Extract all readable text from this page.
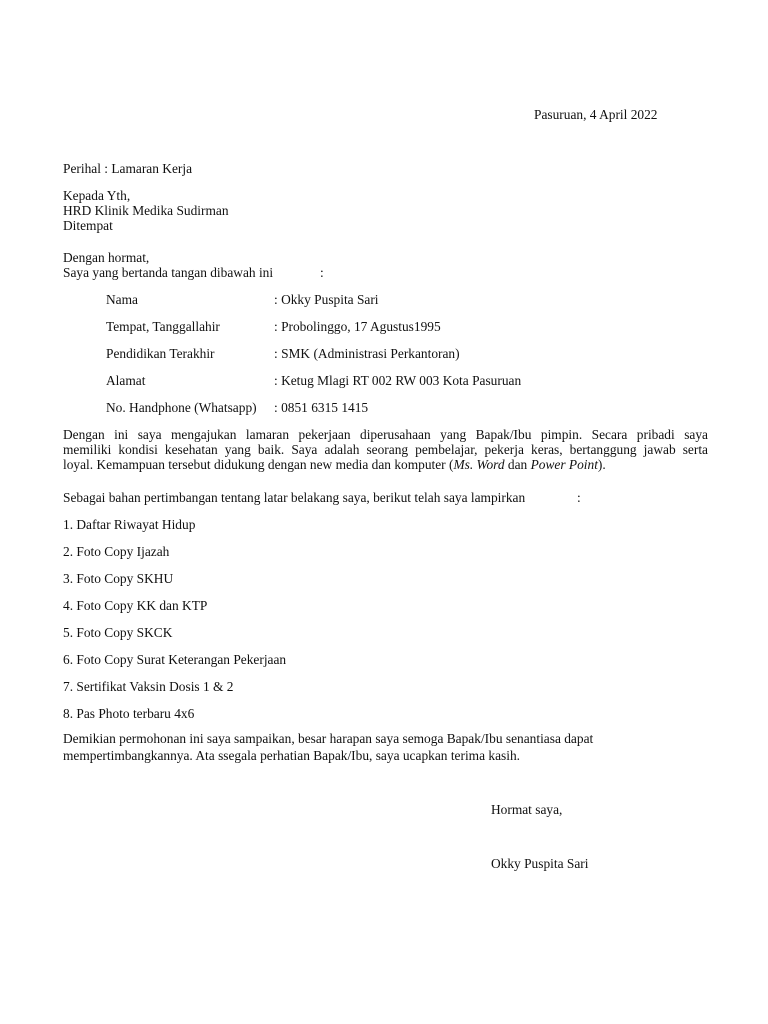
Pasuruan, 4 April 2022
Perihal : Lamaran Kerja
Kepada Yth,
HRD Klinik Medika Sudirman
Ditempat
Dengan hormat,
Saya yang bertanda tangan dibawah ini	:
Nama	: Okky Puspita Sari
Tempat, Tanggallahir	: Probolinggo, 17 Agustus1995
Pendidikan Terakhir	: SMK (Administrasi Perkantoran)
Alamat	: Ketug Mlagi RT 002 RW 003 Kota Pasuruan
No. Handphone (Whatsapp) : 0851 6315 1415
Dengan ini saya mengajukan lamaran pekerjaan diperusahaan yang Bapak/Ibu pimpin. Secara pribadi saya
memiliki kondisi kesehatan yang baik. Saya adalah seorang pembelajar, pekerja keras, bertanggung jawab serta
loyal. Kemampuan tersebut didukung dengan new media dan komputer (Ms. Word dan Power Point).
Sebagai bahan pertimbangan tentang latar belakang saya, berikut telah saya lampirkan	:
1. Daftar Riwayat Hidup
2. Foto Copy Ijazah
3. Foto Copy SKHU
4. Foto Copy KK dan KTP
5. Foto Copy SKCK
6. Foto Copy Surat Keterangan Pekerjaan
7. Sertifikat Vaksin Dosis 1 & 2
8. Pas Photo terbaru 4x6
Demikian permohonan ini saya sampaikan, besar harapan saya semoga Bapak/Ibu senantiasa dapat
mempertimbangkannya. Ata ssegala perhatian Bapak/Ibu, saya ucapkan terima kasih.
Hormat saya,
Okky Puspita Sari
